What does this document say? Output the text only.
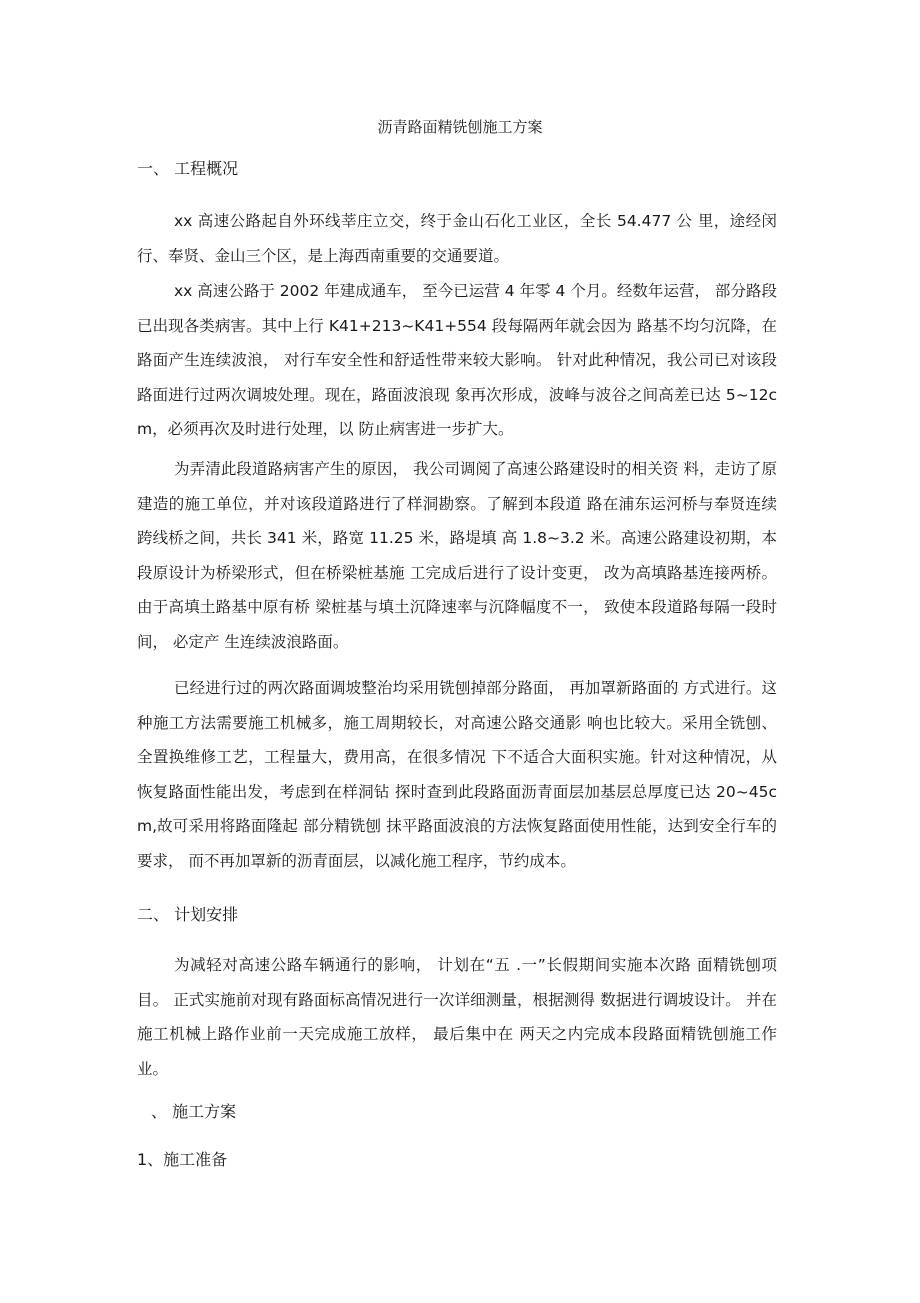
沥青路面精铣刨施工方案
一、 工程概况

xx 高速公路起自外环线莘庄立交，终于金山石化工业区，全长 54.477 公 里，途经闵行、奉贤、金山三个区，是上海西南重要的交通要道。

xx 高速公路于 2002 年建成通车， 至今已运营 4 年零 4 个月。经数年运营， 部分路段已出现各类病害。其中上行 K41+213~K41+554 段每隔两年就会因为 路基不均匀沉降，在路面产生连续波浪， 对行车安全性和舒适性带来较大影响。 针对此种情况，我公司已对该段路面进行过两次调坡处理。现在，路面波浪现 象再次形成，波峰与波谷之间高差已达 5~12cm，必须再次及时进行处理，以 防止病害进一步扩大。

为弄清此段道路病害产生的原因， 我公司调阅了高速公路建设时的相关资 料，走访了原建造的施工单位，并对该段道路进行了样洞勘察。了解到本段道 路在浦东运河桥与奉贤连续跨线桥之间，共长 341 米，路宽 11.25 米，路堤填 高 1.8~3.2 米。高速公路建设初期，本段原设计为桥梁形式，但在桥梁桩基施 工完成后进行了设计变更， 改为高填路基连接两桥。 由于高填土路基中原有桥 梁桩基与填土沉降速率与沉降幅度不一， 致使本段道路每隔一段时间， 必定产 生连续波浪路面。

已经进行过的两次路面调坡整治均采用铣刨掉部分路面， 再加罩新路面的 方式进行。这种施工方法需要施工机械多，施工周期较长，对高速公路交通影 响也比较大。采用全铣刨、全置换维修工艺，工程量大，费用高，在很多情况 下不适合大面积实施。针对这种情况，从恢复路面性能出发，考虑到在样洞钻 探时查到此段路面沥青面层加基层总厚度已达 20~45cm,故可采用将路面隆起 部分精铣刨 抹平路面波浪的方法恢复路面使用性能，达到安全行车的要求， 而不再加罩新的沥青面层，以减化施工程序，节约成本。

二、 计划安排

为减轻对高速公路车辆通行的影响， 计划在“五 .一”长假期间实施本次路 面精铣刨项目。 正式实施前对现有路面标高情况进行一次详细测量，根据测得 数据进行调坡设计。 并在施工机械上路作业前一天完成施工放样， 最后集中在 两天之内完成本段路面精铣刨施工作业。

、 施工方案
1、施工准备
